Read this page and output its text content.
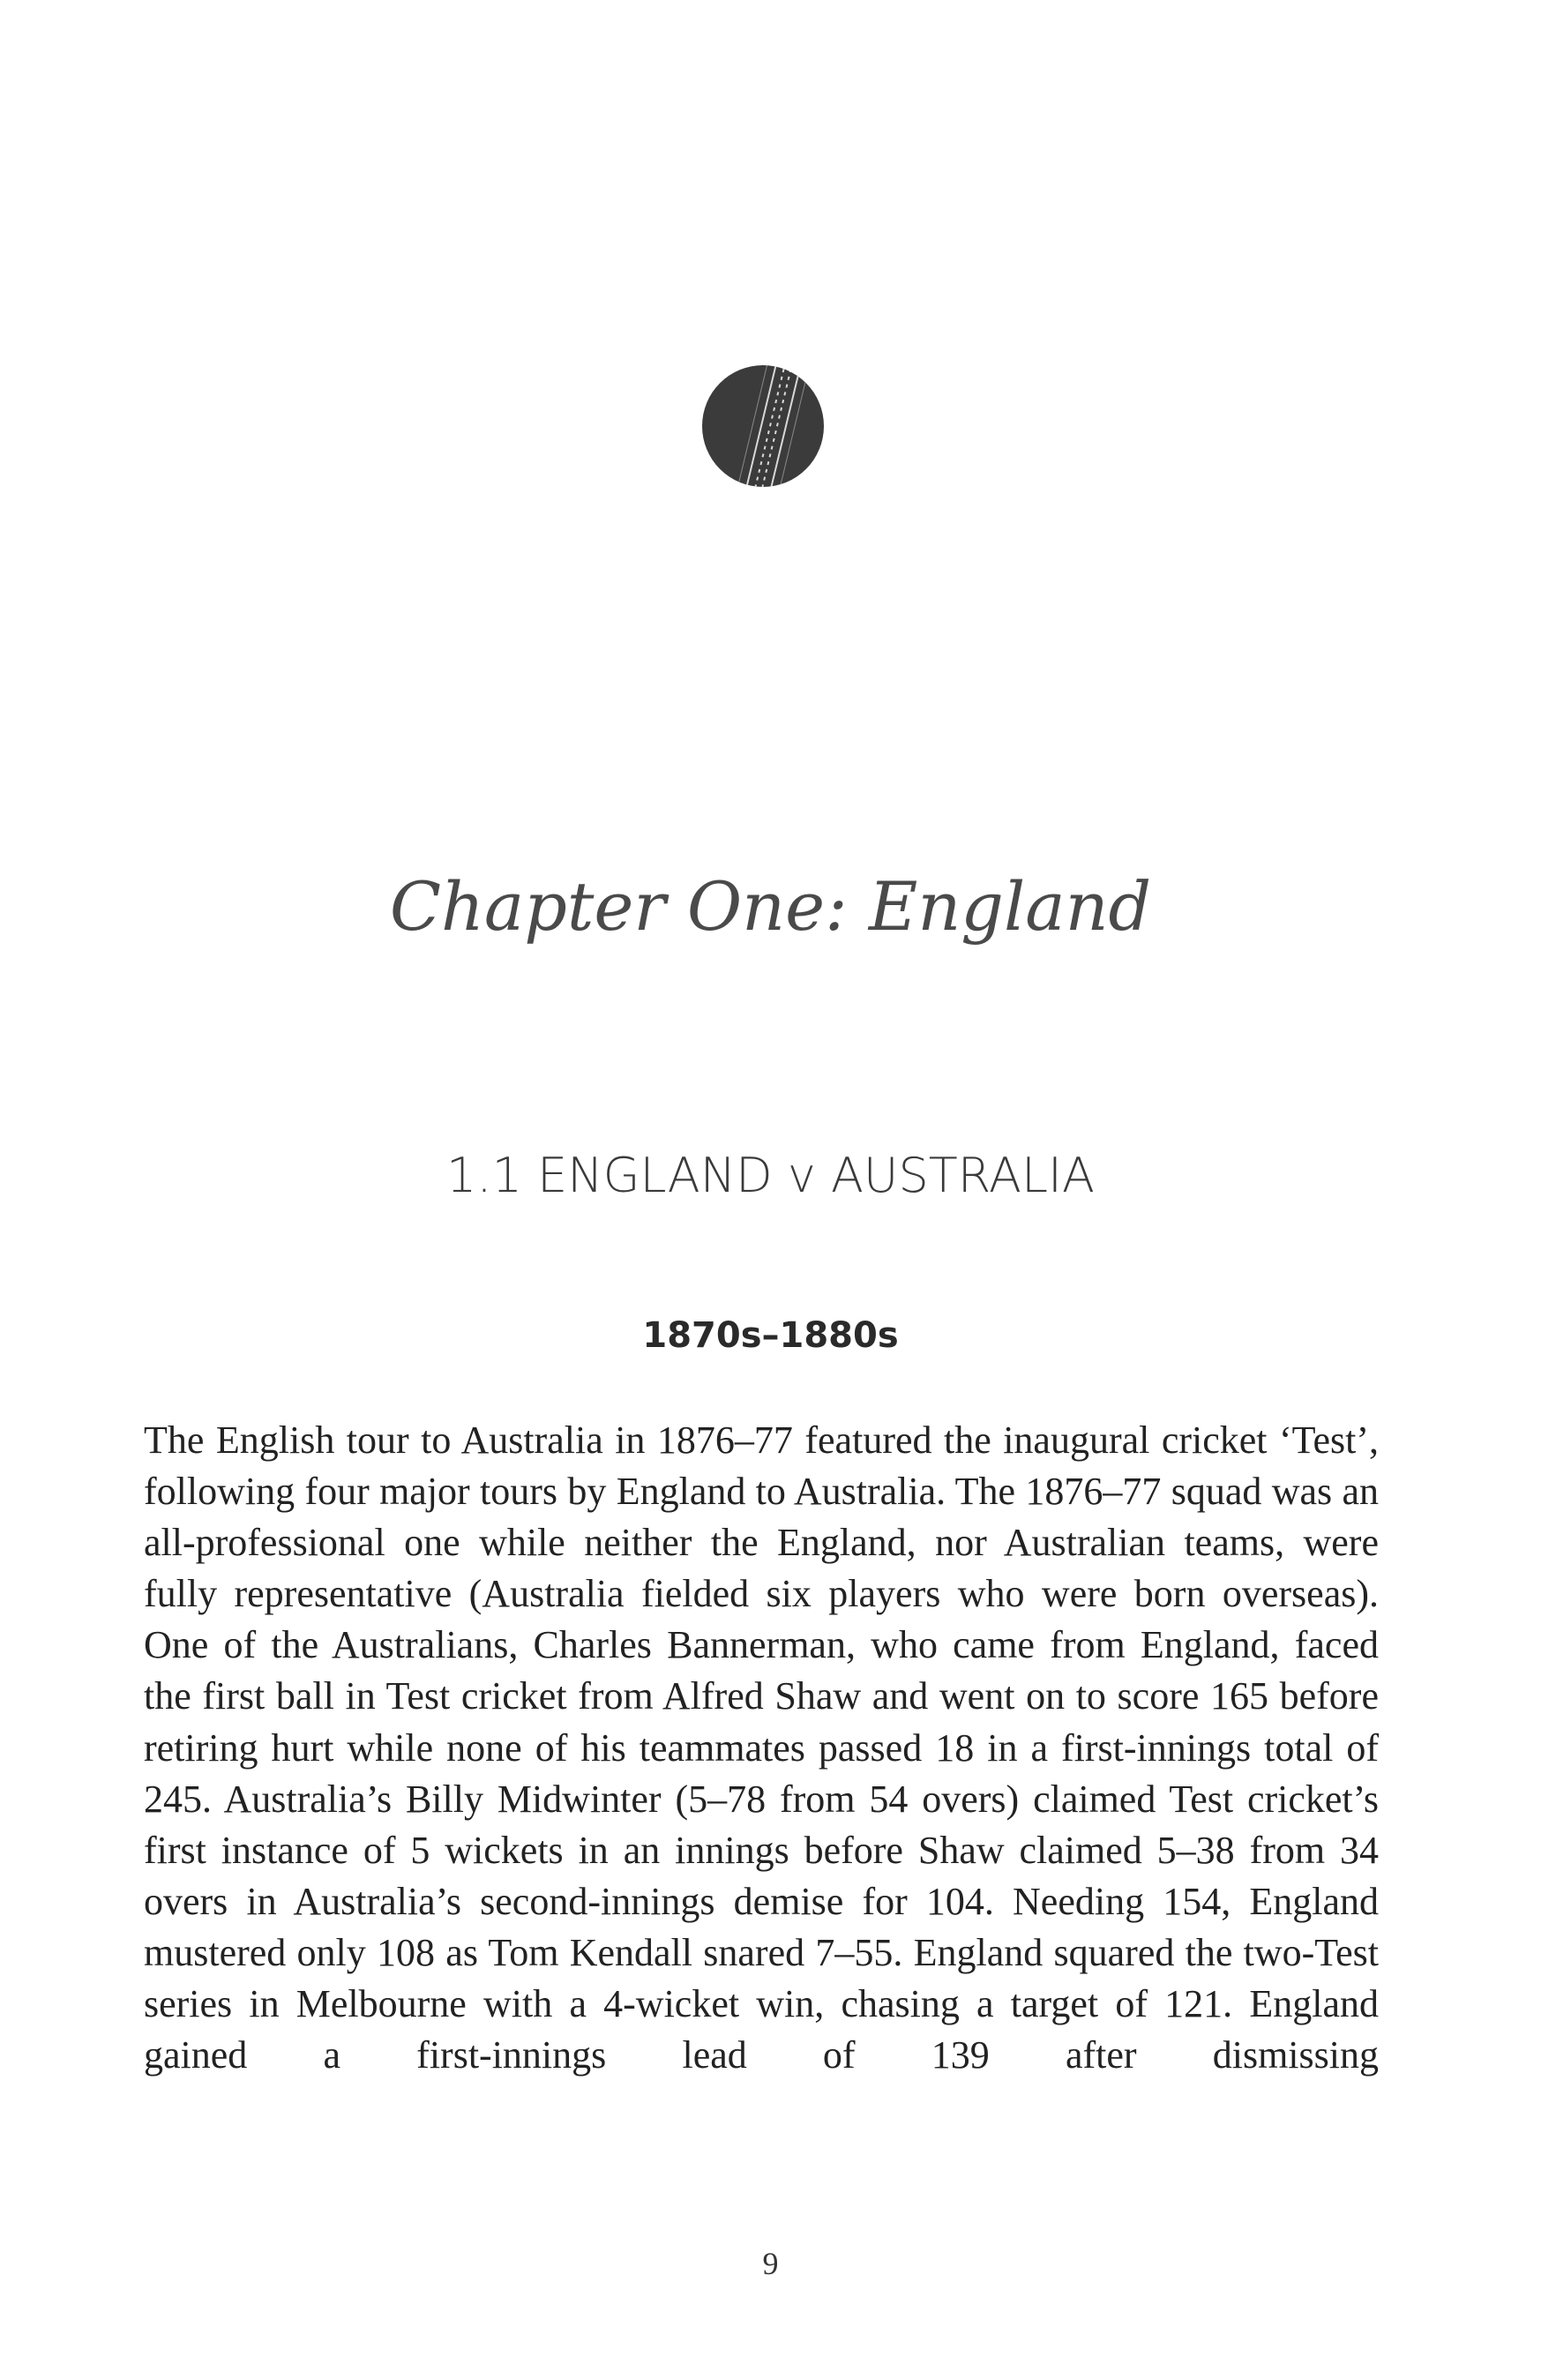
Chapter One: England
1.1 ENGLAND v AUSTRALIA
1870s–1880s

The English tour to Australia in 1876–77 featured the inaugural cricket ‘Test’, following four major tours by England to Australia. The 1876–77 squad was an all-professional one while neither the England, nor Australian teams, were fully representative (Australia fielded six players who were born overseas). One of the Australians, Charles Bannerman, who came from England, faced the first ball in Test cricket from Alfred Shaw and went on to score 165 before retiring hurt while none of his teammates passed 18 in a first-innings total of 245. Australia’s Billy Midwinter (5–78 from 54 overs) claimed Test cricket’s first instance of 5 wickets in an innings before Shaw claimed 5–38 from 34 overs in Australia’s second-innings demise for 104. Needing 154, England mustered only 108 as Tom Kendall snared 7–55. England squared the two-Test series in Melbourne with a 4-wicket win, chasing a target of 121. England gained a first-innings lead of 139 after dismissing

9
